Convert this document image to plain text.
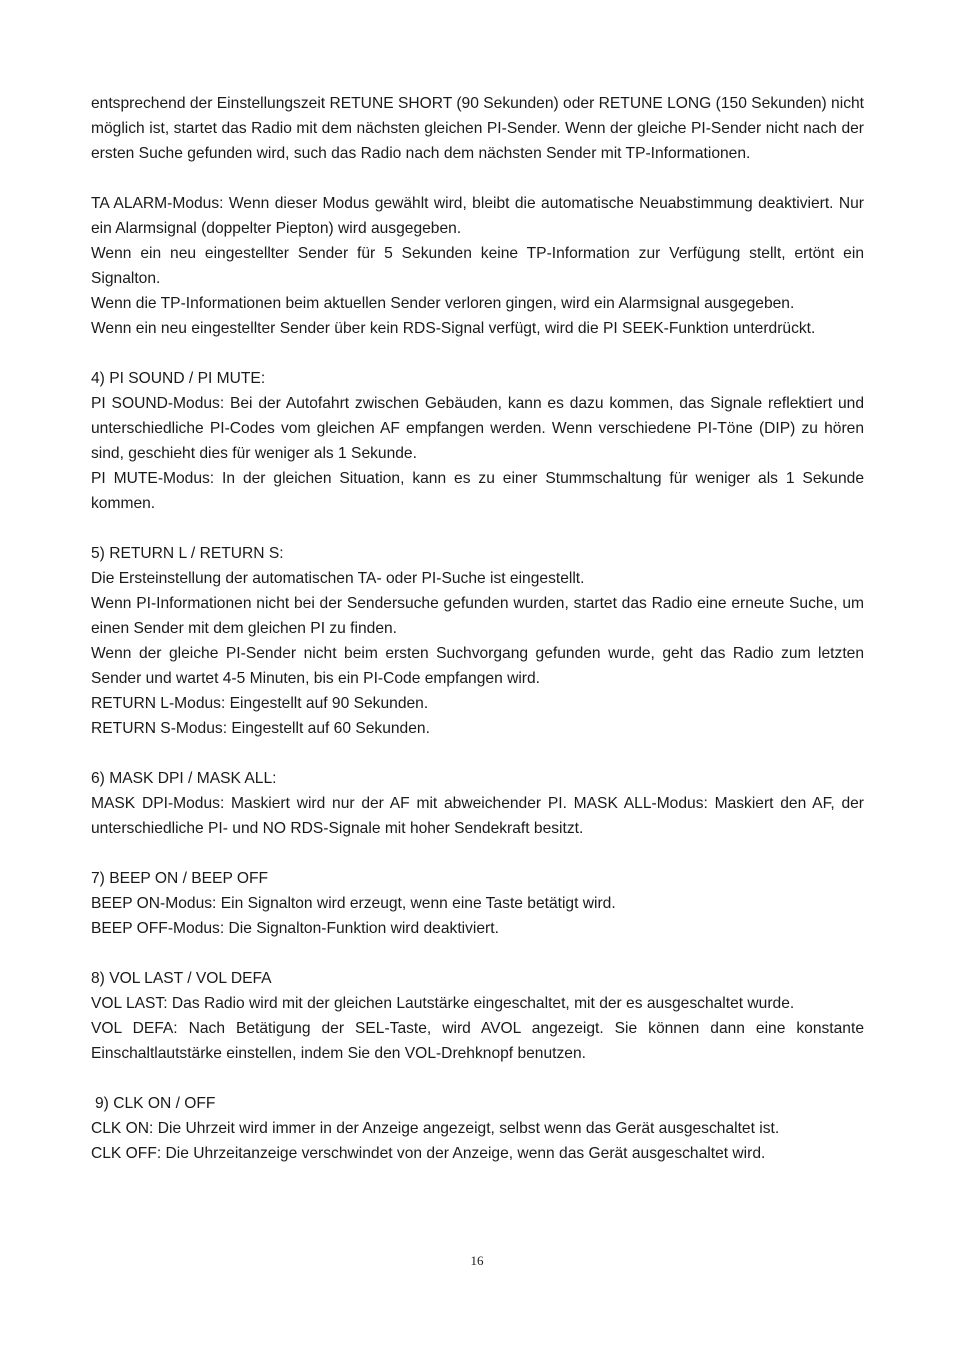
entsprechend der Einstellungszeit RETUNE SHORT (90 Sekunden) oder RETUNE LONG (150 Sekunden) nicht möglich ist, startet das Radio mit dem nächsten gleichen PI-Sender. Wenn der gleiche PI-Sender nicht nach der ersten Suche gefunden wird, such das Radio nach dem nächsten Sender mit TP-Informationen.

TA ALARM-Modus: Wenn dieser Modus gewählt wird, bleibt die automatische Neuabstimmung deaktiviert. Nur ein Alarmsignal (doppelter Piepton) wird ausgegeben.

Wenn ein neu eingestellter Sender für 5 Sekunden keine TP-Information zur Verfügung stellt, ertönt ein Signalton.

Wenn die TP-Informationen beim aktuellen Sender verloren gingen, wird ein Alarmsignal ausgegeben.

Wenn ein neu eingestellter Sender über kein RDS-Signal verfügt, wird die PI SEEK-Funktion unterdrückt.

4) PI SOUND / PI MUTE:

PI SOUND-Modus: Bei der Autofahrt zwischen Gebäuden, kann es dazu kommen, das Signale reflektiert und unterschiedliche PI-Codes vom gleichen AF empfangen werden. Wenn verschiedene PI-Töne (DIP) zu hören sind, geschieht dies für weniger als 1 Sekunde.

PI MUTE-Modus: In der gleichen Situation, kann es zu einer Stummschaltung für weniger als 1 Sekunde kommen.

5) RETURN L / RETURN S:

Die Ersteinstellung der automatischen TA- oder PI-Suche ist eingestellt.

Wenn PI-Informationen nicht bei der Sendersuche gefunden wurden, startet das Radio eine erneute Suche, um einen Sender mit dem gleichen PI zu finden.

Wenn der gleiche PI-Sender nicht beim ersten Suchvorgang gefunden wurde, geht das Radio zum letzten Sender und wartet 4-5 Minuten, bis ein PI-Code empfangen wird.

RETURN L-Modus: Eingestellt auf 90 Sekunden.

RETURN S-Modus: Eingestellt auf 60 Sekunden.

6) MASK DPI / MASK ALL:

MASK DPI-Modus: Maskiert wird nur der AF mit abweichender PI. MASK ALL-Modus: Maskiert den AF, der unterschiedliche PI- und NO RDS-Signale mit hoher Sendekraft besitzt.

7) BEEP ON / BEEP OFF

BEEP ON-Modus: Ein Signalton wird erzeugt, wenn eine Taste betätigt wird.

BEEP OFF-Modus: Die Signalton-Funktion wird deaktiviert.

8) VOL LAST / VOL DEFA

VOL LAST: Das Radio wird mit der gleichen Lautstärke eingeschaltet, mit der es ausgeschaltet wurde.

VOL DEFA: Nach Betätigung der SEL-Taste, wird AVOL angezeigt. Sie können dann eine konstante Einschaltlautstärke einstellen, indem Sie den VOL-Drehknopf benutzen.

9) CLK ON / OFF

CLK ON: Die Uhrzeit wird immer in der Anzeige angezeigt, selbst wenn das Gerät ausgeschaltet ist.

CLK OFF: Die Uhrzeitanzeige verschwindet von der Anzeige, wenn das Gerät ausgeschaltet wird.

16
